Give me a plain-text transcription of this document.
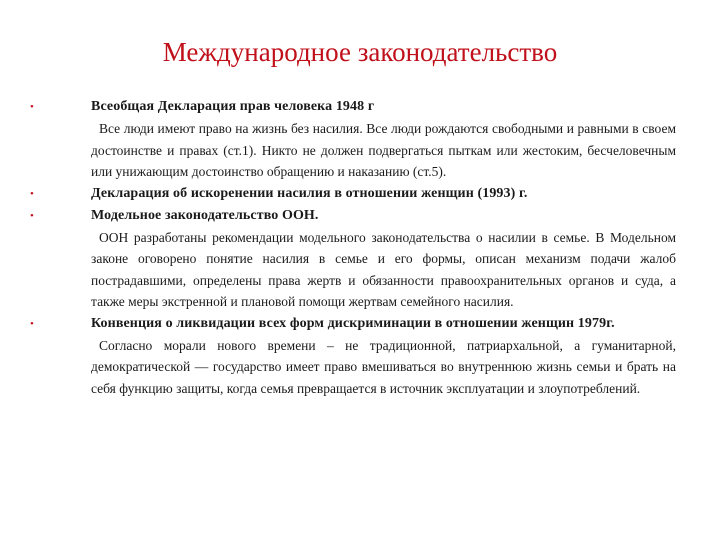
Международное законодательство
•	Всеобщая Декларация прав человека 1948 г

Все люди имеют право на жизнь без насилия. Все люди рождаются свободными и равными в своем достоинстве и правах (ст.1). Никто не должен подвергаться пыткам или жестоким, бесчеловечным или унижающим достоинство обращению и наказанию (ст.5).

•	Декларация об искоренении насилия в отношении женщин (1993) г.
•	Модельное законодательство ООН.

ООН разработаны рекомендации модельного законодательства о насилии в семье. В Модельном законе оговорено понятие насилия в семье и его формы, описан механизм подачи жалоб пострадавшими, определены права жертв и обязанности правоохранительных органов и суда, а также меры экстренной и плановой помощи жертвам семейного насилия.

•	Конвенция о ликвидации всех форм дискриминации в отношении женщин 1979г.

Согласно морали нового времени – не традиционной, патриархальной, а гуманитарной, демократической — государство имеет право вмешиваться во внутреннюю жизнь семьи и брать на себя функцию защиты, когда семья превращается в источник эксплуатации и злоупотреблений.
